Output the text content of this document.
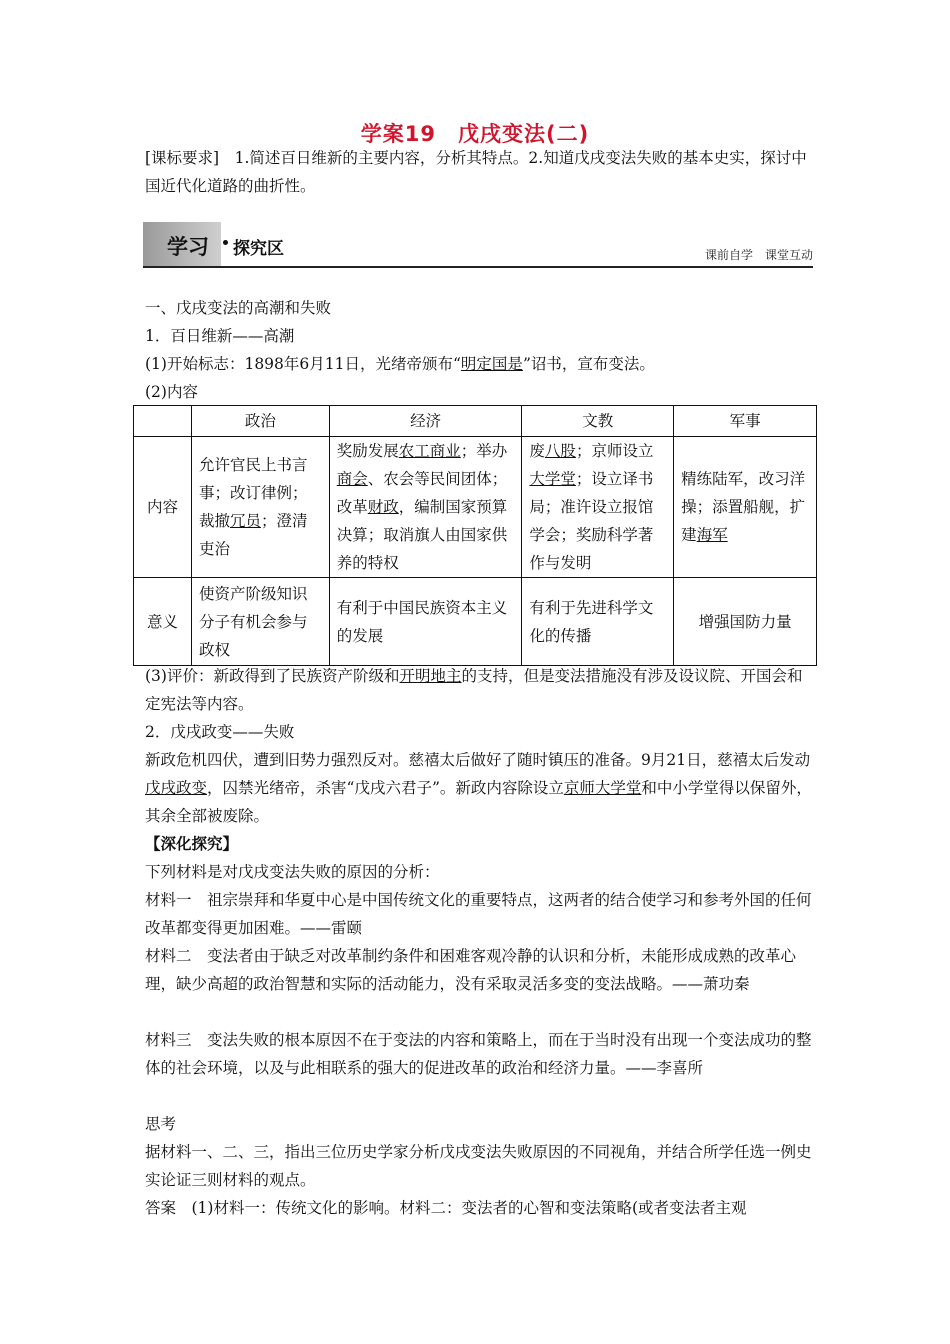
学案19　戊戌变法(二)

[课标要求]　 1.简述百日维新的主要内容，分析其特点。2.知道戊戌变法失败的基本史实，探讨中国近代化道路的曲折性。

学习 探究区	课前自学　课堂互动

一、戊戌变法的高潮和失败

1．百日维新——高潮

(1)开始标志：1898年6月11日，光绪帝颁布“明定国是”诏书，宣布变法。

(2)内容

	政治	经济	文教	军事
内容	允许官民上书言事；改订律例；裁撤冗员；澄清吏治	奖励发展农工商业；举办商会、农会等民间团体；改革财政，编制国家预算决算；取消旗人由国家供养的特权	废八股；京师设立大学堂；设立译书局；准许设立报馆学会；奖励科学著作与发明	精练陆军，改习洋操；添置船舰，扩建海军
意义	使资产阶级知识分子有机会参与政权	有利于中国民族资本主义的发展	有利于先进科学文化的传播	增强国防力量

(3)评价：新政得到了民族资产阶级和开明地主的支持，但是变法措施没有涉及设议院、开国会和定宪法等内容。

2．戊戌政变——失败

新政危机四伏，遭到旧势力强烈反对。慈禧太后做好了随时镇压的准备。9月21日，慈禧太后发动戊戌政变，囚禁光绪帝，杀害“戊戌六君子”。新政内容除设立京师大学堂和中小学堂得以保留外，其余全部被废除。

【深化探究】

下列材料是对戊戌变法失败的原因的分析：

材料一　祖宗崇拜和华夏中心是中国传统文化的重要特点，这两者的结合使学习和参考外国的任何改革都变得更加困难。——雷颐

材料二　变法者由于缺乏对改革制约条件和困难客观冷静的认识和分析，未能形成成熟的改革心理，缺少高超的政治智慧和实际的活动能力，没有采取灵活多变的变法战略。——萧功秦

材料三　变法失败的根本原因不在于变法的内容和策略上，而在于当时没有出现一个变法成功的整体的社会环境，以及与此相联系的强大的促进改革的政治和经济力量。——李喜所

思考

据材料一、二、三，指出三位历史学家分析戊戌变法失败原因的不同视角，并结合所学任选一例史实论证三则材料的观点。

答案　(1)材料一：传统文化的影响。材料二：变法者的心智和变法策略(或者变法者主观
